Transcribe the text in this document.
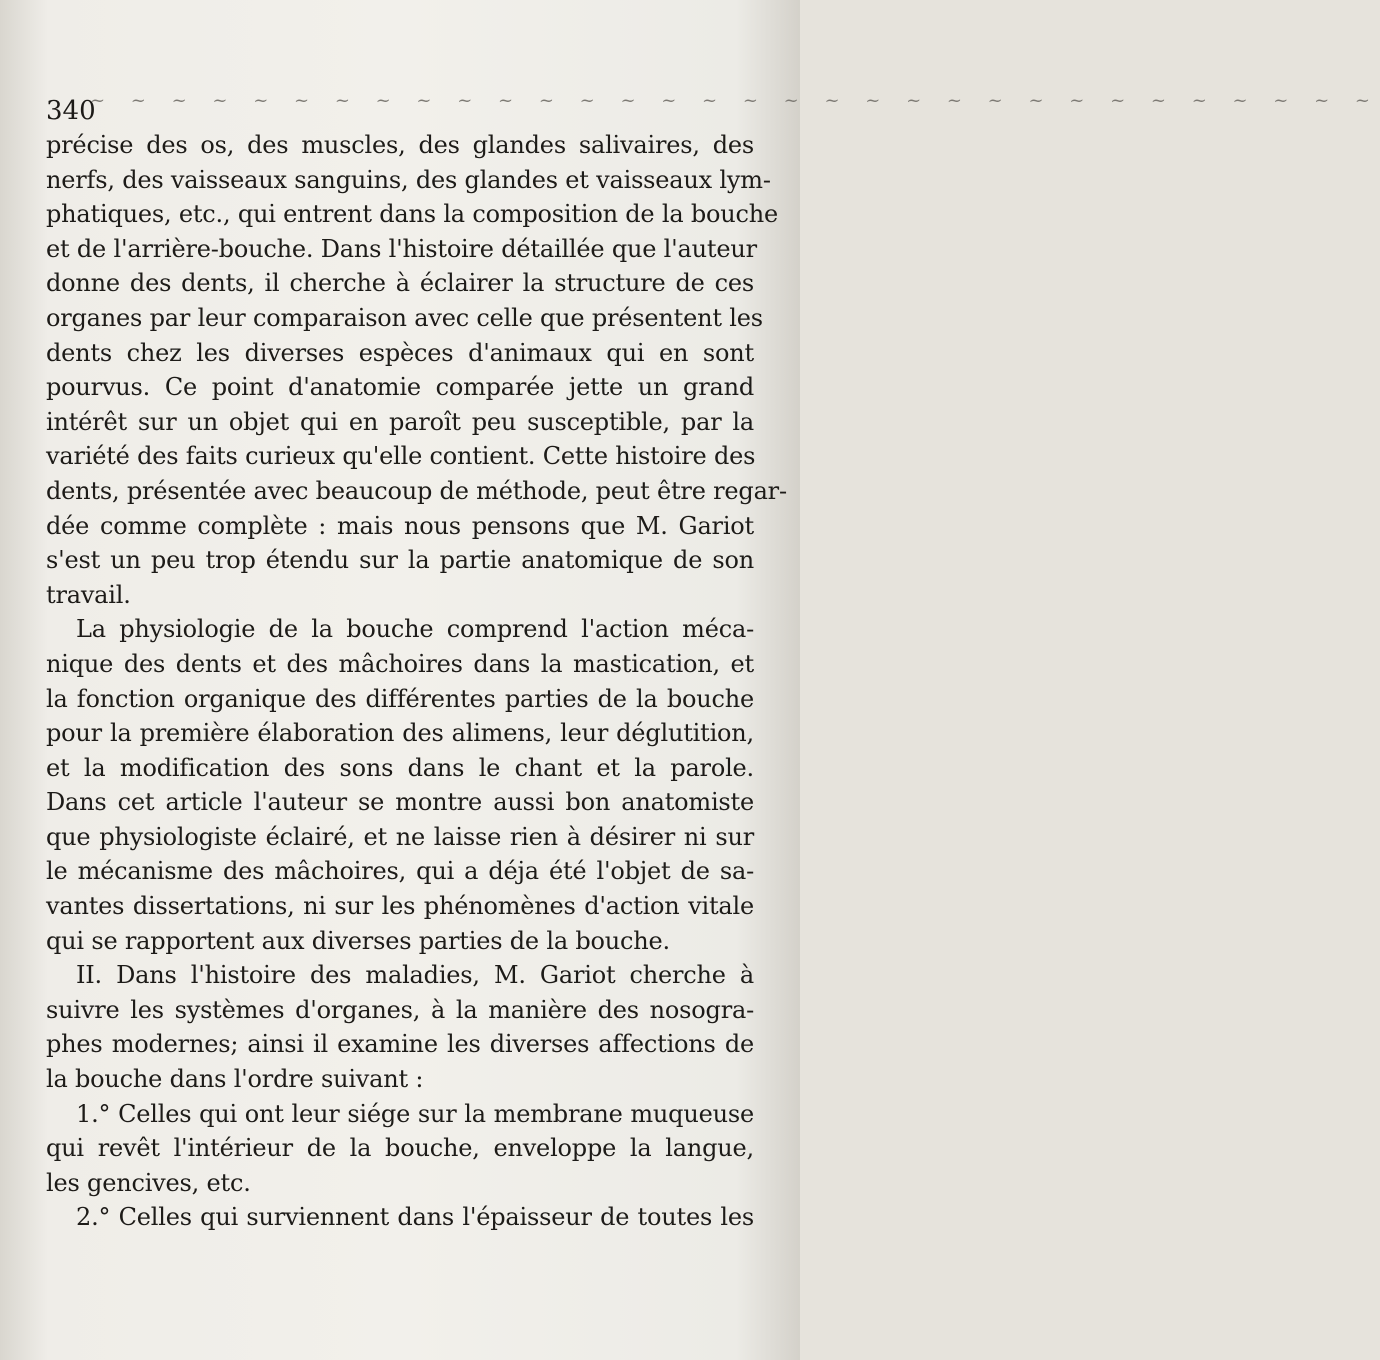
~ ~ ~ ~ ~ ~ ~ ~ ~ ~ ~ ~ ~ ~ ~ ~ ~ ~ ~ ~ ~ ~ ~ ~ ~ ~ ~ ~ ~ ~ ~ ~
340
précise des os, des muscles, des glandes salivaires, des
nerfs, des vaisseaux sanguins, des glandes et vaisseaux lym-
phatiques, etc., qui entrent dans la composition de la bouche
et de l'arrière-bouche. Dans l'histoire détaillée que l'auteur
donne des dents, il cherche à éclairer la structure de ces
organes par leur comparaison avec celle que présentent les
dents chez les diverses espèces d'animaux qui en sont
pourvus. Ce point d'anatomie comparée jette un grand
intérêt sur un objet qui en paroît peu susceptible, par la
variété des faits curieux qu'elle contient. Cette histoire des
dents, présentée avec beaucoup de méthode, peut être regar-
dée comme complète : mais nous pensons que M. Gariot
s'est un peu trop étendu sur la partie anatomique de son
travail.
La physiologie de la bouche comprend l'action méca-
nique des dents et des mâchoires dans la mastication, et
la fonction organique des différentes parties de la bouche
pour la première élaboration des alimens, leur déglutition,
et la modification des sons dans le chant et la parole.
Dans cet article l'auteur se montre aussi bon anatomiste
que physiologiste éclairé, et ne laisse rien à désirer ni sur
le mécanisme des mâchoires, qui a déja été l'objet de sa-
vantes dissertations, ni sur les phénomènes d'action vitale
qui se rapportent aux diverses parties de la bouche.
II. Dans l'histoire des maladies, M. Gariot cherche à
suivre les systèmes d'organes, à la manière des nosogra-
phes modernes; ainsi il examine les diverses affections de
la bouche dans l'ordre suivant :
1.° Celles qui ont leur siége sur la membrane muqueuse
qui revêt l'intérieur de la bouche, enveloppe la langue,
les gencives, etc.
2.° Celles qui surviennent dans l'épaisseur de toutes les
